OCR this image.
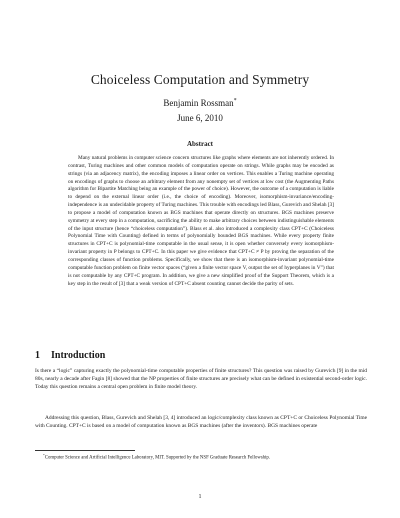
Choiceless Computation and Symmetry
Benjamin Rossman*
June 6, 2010
Abstract

Many natural problems in computer science concern structures like graphs where elements are not inherently ordered. In contrast, Turing machines and other common models of computation operate on strings. While graphs may be encoded as strings (via an adjacency matrix), the encoding imposes a linear order on vertices. This enables a Turing machine operating on encodings of graphs to choose an arbitrary element from any nonempty set of vertices at low cost (the Augmenting Paths algorithm for Bipartite Matching being an example of the power of choice). However, the outcome of a computation is liable to depend on the external linear order (i.e., the choice of encoding). Moreover, isomorphism-invariance/encoding-independence is an undecidable property of Turing machines. This trouble with encodings led Blass, Gurevich and Shelah [3] to propose a model of computation known as BGS machines that operate directly on structures. BGS machines preserve symmetry at every step in a computation, sacrificing the ability to make arbitrary choices between indistinguishable elements of the input structure (hence “choiceless computation”). Blass et al. also introduced a complexity class CPT+C (Choiceless Polynomial Time with Counting) defined in terms of polynomially bounded BGS machines. While every property finite structures in CPT+C is polynomial-time computable in the usual sense, it is open whether conversely every isomorphism-invariant property in P belongs to CPT+C. In this paper we give evidence that CPT+C ≠ P by proving the separation of the corresponding classes of function problems. Specifically, we show that there is an isomorphism-invariant polynomial-time computable function problem on finite vector spaces (“given a finite vector space V, output the set of hyperplanes in V”) that is not computable by any CPT+C program. In addition, we give a new simplified proof of the Support Theorem, which is a key step in the result of [3] that a weak version of CPT+C absent counting cannot decide the parity of sets.

1 Introduction

Is there a “logic” capturing exactly the polynomial-time computable properties of finite structures? This question was raised by Gurevich [9] in the mid 80s, nearly a decade after Fagin [8] showed that the NP properties of finite structures are precisely what can be defined in existential second-order logic. Today this question remains a central open problem in finite model theory.

Addressing this question, Blass, Gurevich and Shelah [3, 4] introduced an logic/complexity class known as CPT+C or Choiceless Polynomial Time with Counting. CPT+C is based on a model of computation known as BGS machines (after the inventors). BGS machines operate

*Computer Science and Artificial Intelligence Laboratory, MIT. Supported by the NSF Graduate Research Fellowship.

1
